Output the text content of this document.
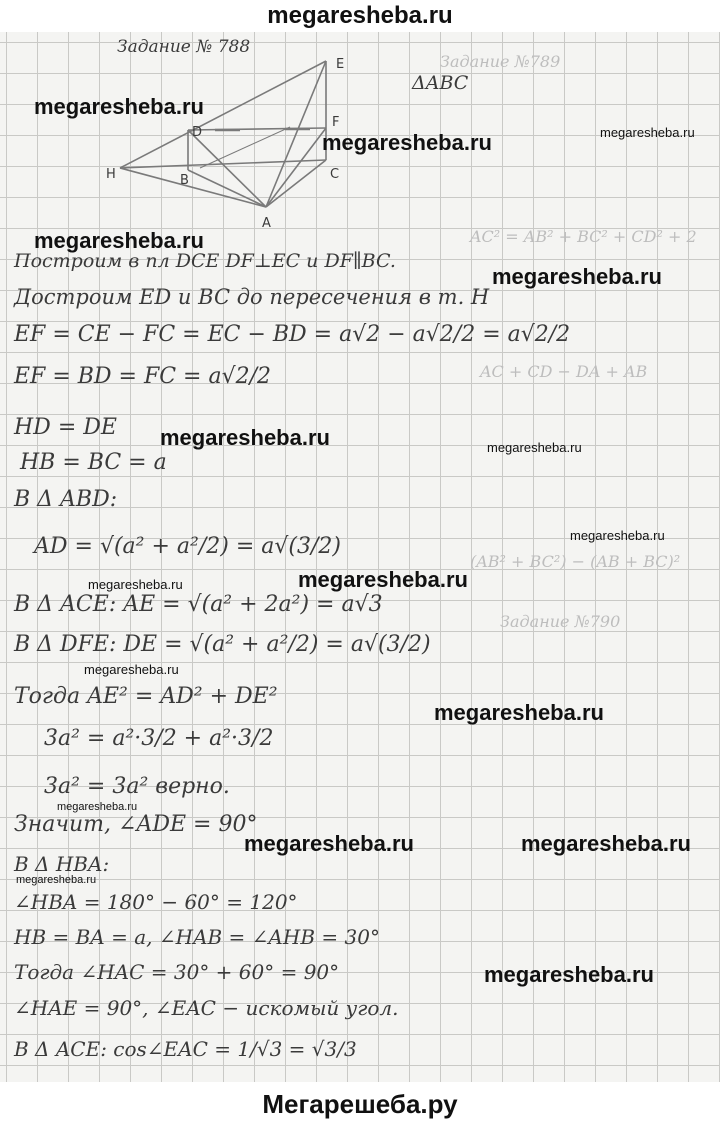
megaresheba.ru
Задание №789
AC² = AB² + BC² + CD² + 2
AC + CD − DA + AB
(AB² + BC²) − (AB + BC)²
Задание №790
Задание № 788
ΔABC
E
F
C
A
B
D
H
Построим в пл DCE DF⊥EC и DF∥BC.
Достроим ED и BC до пересечения в т. H
EF = CE − FC = EC − BD = a√2 − a√2/2 = a√2/2
EF = BD = FC = a√2/2
HD = DE
HB = BC = a
В Δ ABD:
AD = √(a² + a²/2) = a√(3/2)
В Δ ACE: AE = √(a² + 2a²) = a√3
В Δ DFE: DE = √(a² + a²/2) = a√(3/2)
Тогда AE² = AD² + DE²
3a² = a²·3/2 + a²·3/2
3a² = 3a² верно.
Значит, ∠ADE = 90°
В Δ HBA:
∠HBA = 180° − 60° = 120°
HB = BA = a, ∠HAB = ∠AHB = 30°
Тогда ∠HAC = 30° + 60° = 90°
∠HAE = 90°, ∠EAC − искомый угол.
В Δ ACE: cos∠EAC = 1/√3 = √3/3
megaresheba.ru
megaresheba.ru	megaresheba.ru
megaresheba.ru
megaresheba.ru
megaresheba.ru	megaresheba.ru
megaresheba.ru
megaresheba.ru	megaresheba.ru
megaresheba.ru
megaresheba.ru
megaresheba.ru
megaresheba.ru	megaresheba.ru
megaresheba.ru
megaresheba.ru
Мегарешеба.ру
